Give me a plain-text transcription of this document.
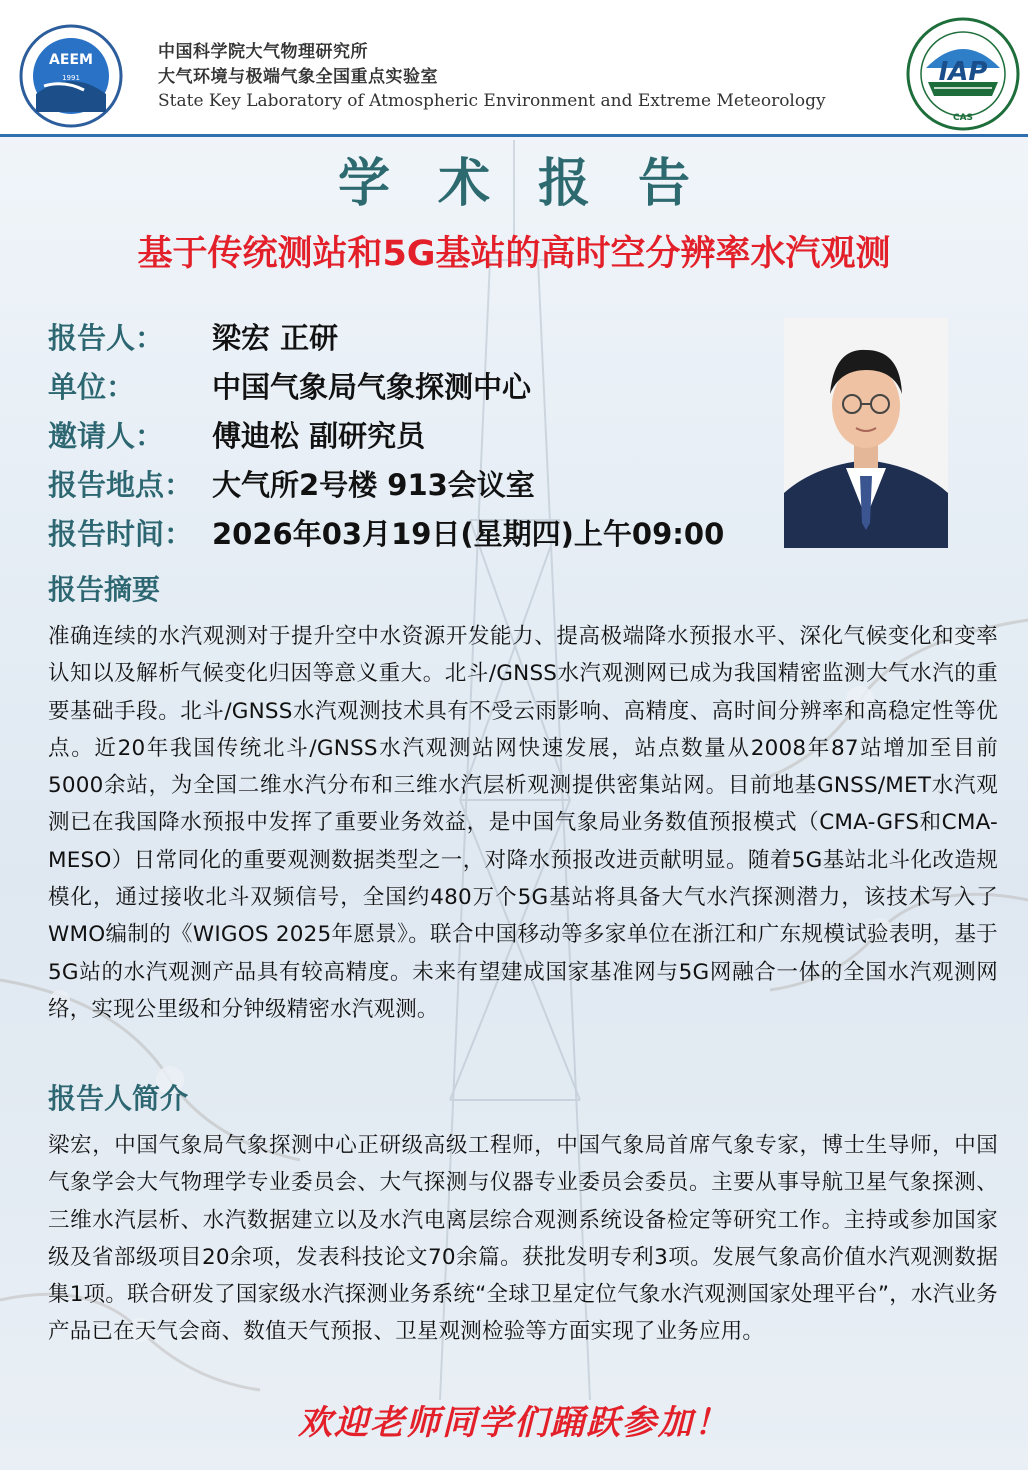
AEEM
1991
中国科学院大气物理研究所
大气环境与极端气象全国重点实验室
State Key Laboratory of Atmospheric Environment and Extreme Meteorology
IAP
CAS
学术报告
基于传统测站和5G基站的高时空分辨率水汽观测
报告人： 梁宏 正研
单位：	中国气象局气象探测中心
邀请人： 傅迪松 副研究员
报告地点： 大气所2号楼 913会议室
报告时间： 2026年03月19日(星期四)上午09:00
报告摘要
准确连续的水汽观测对于提升空中水资源开发能力、提高极端降水预报水平、深化气候变化和变率认知以及解析气候变化归因等意义重大。北斗/GNSS水汽观测网已成为我国精密监测大气水汽的重要基础手段。北斗/GNSS水汽观测技术具有不受云雨影响、高精度、高时间分辨率和高稳定性等优点。近20年我国传统北斗/GNSS水汽观测站网快速发展，站点数量从2008年87站增加至目前5000余站，为全国二维水汽分布和三维水汽层析观测提供密集站网。目前地基GNSS/MET水汽观测已在我国降水预报中发挥了重要业务效益，是中国气象局业务数值预报模式（CMA-GFS和CMA-MESO）日常同化的重要观测数据类型之一，对降水预报改进贡献明显。随着5G基站北斗化改造规模化，通过接收北斗双频信号，全国约480万个5G基站将具备大气水汽探测潜力，该技术写入了WMO编制的《WIGOS 2025年愿景》。联合中国移动等多家单位在浙江和广东规模试验表明，基于5G站的水汽观测产品具有较高精度。未来有望建成国家基准网与5G网融合一体的全国水汽观测网络，实现公里级和分钟级精密水汽观测。
报告人简介
梁宏，中国气象局气象探测中心正研级高级工程师，中国气象局首席气象专家，博士生导师，中国气象学会大气物理学专业委员会、大气探测与仪器专业委员会委员。主要从事导航卫星气象探测、三维水汽层析、水汽数据建立以及水汽电离层综合观测系统设备检定等研究工作。主持或参加国家级及省部级项目20余项，发表科技论文70余篇。获批发明专利3项。发展气象高价值水汽观测数据集1项。联合研发了国家级水汽探测业务系统“全球卫星定位气象水汽观测国家处理平台”，水汽业务产品已在天气会商、数值天气预报、卫星观测检验等方面实现了业务应用。
欢迎老师同学们踊跃参加！
